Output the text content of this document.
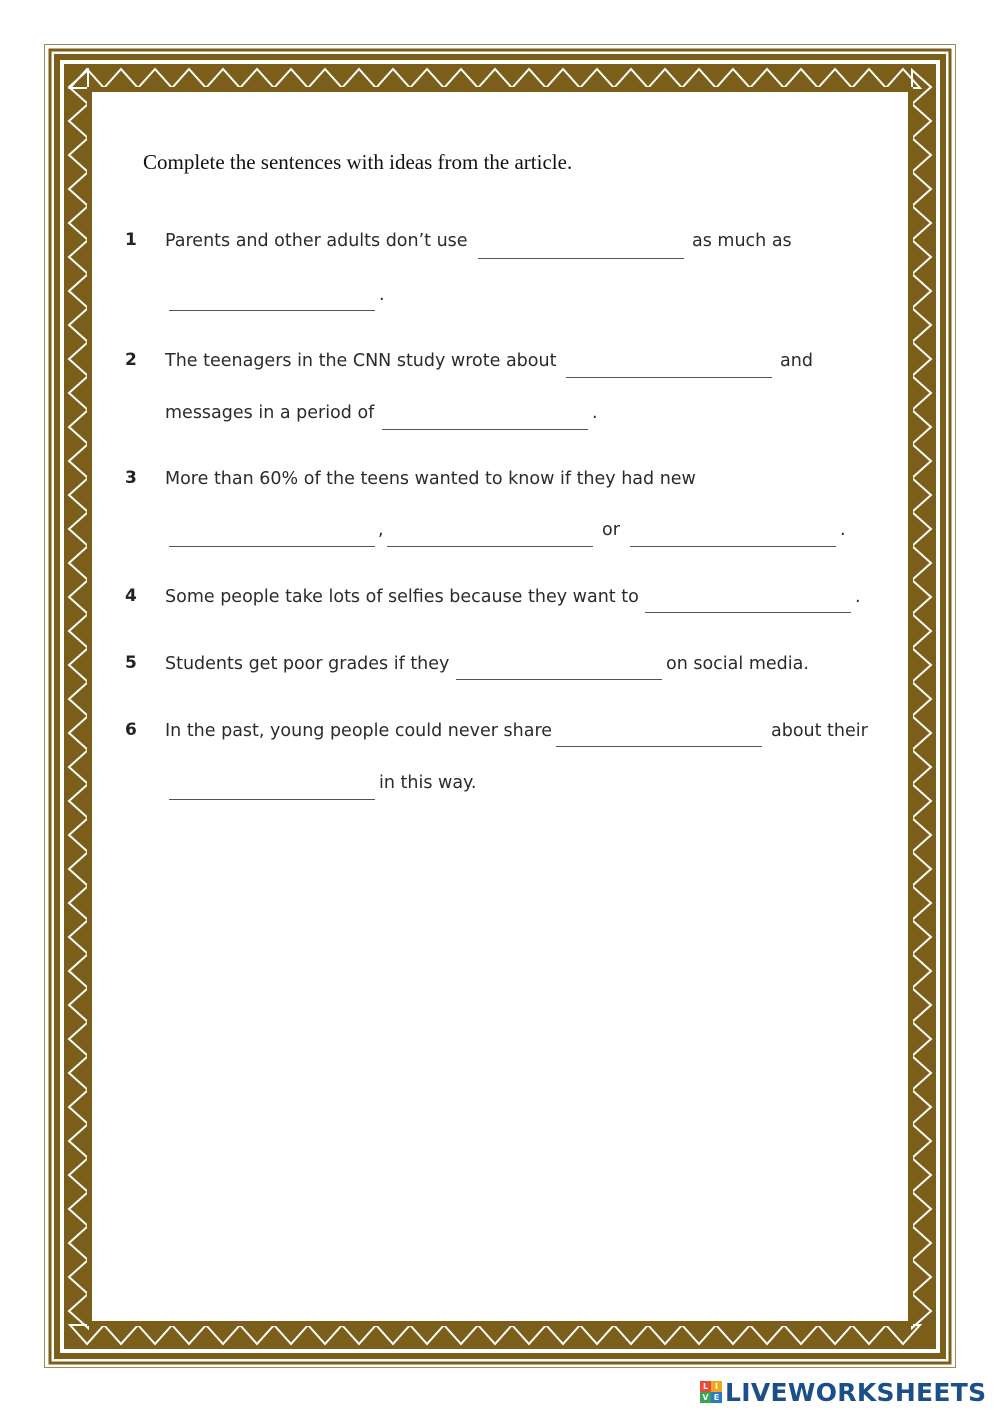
Complete the sentences with ideas from the article.
1 Parents and other adults don’t use	as much as
.
2 The teenagers in the CNN study wrote about	and
messages in a period of	.
3 More than 60% of the teens wanted to know if they had new
,	or	.
4 Some people take lots of selfies because they want to	.
5 Students get poor grades if they	on social media.
6 In the past, young people could never share	about their
in this way.
L I
V E LIVEWORKSHEETS
